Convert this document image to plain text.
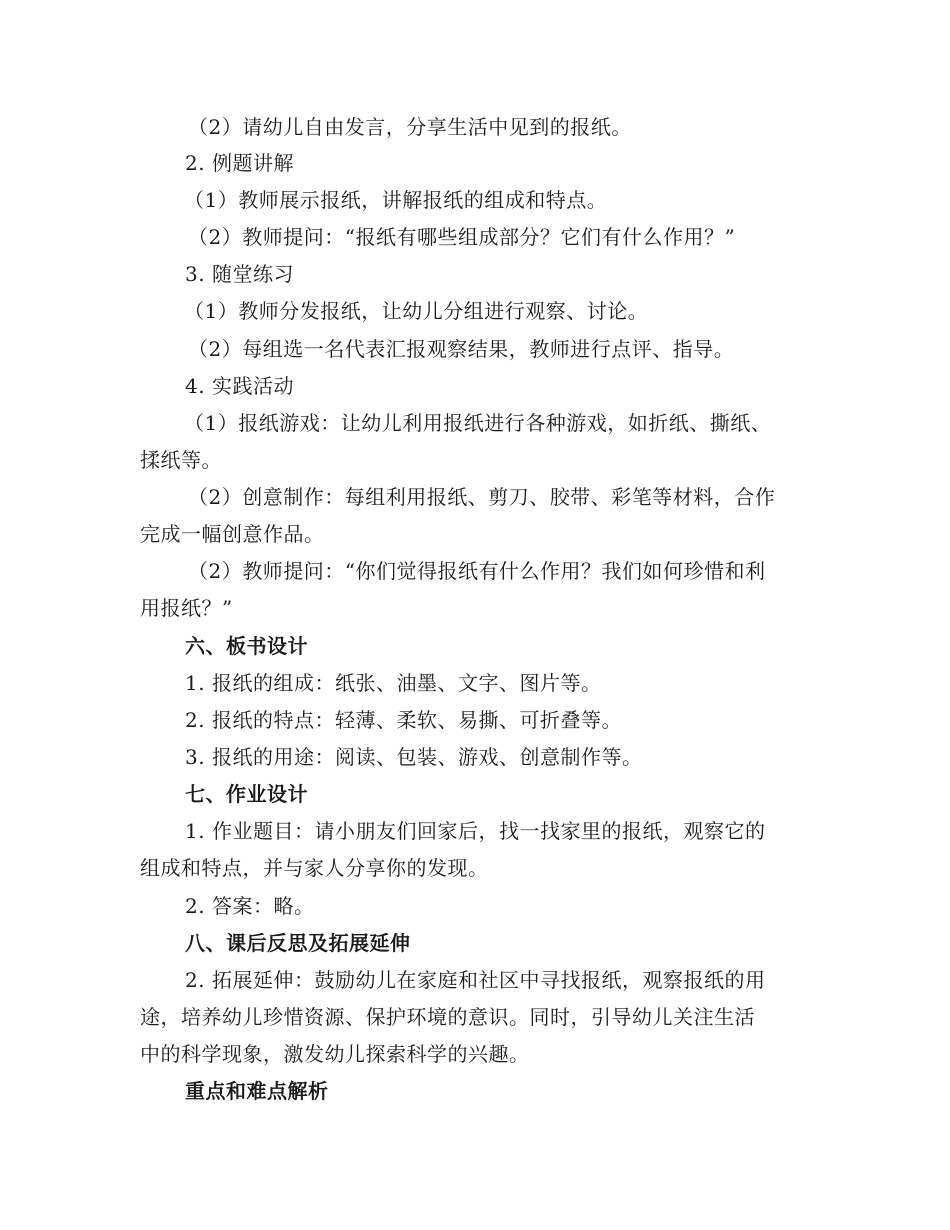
（2）请幼儿自由发言，分享生活中见到的报纸。
2. 例题讲解
（1）教师展示报纸，讲解报纸的组成和特点。
（2）教师提问：“报纸有哪些组成部分？它们有什么作用？”
3. 随堂练习
（1）教师分发报纸，让幼儿分组进行观察、讨论。
（2）每组选一名代表汇报观察结果，教师进行点评、指导。
4. 实践活动
（1）报纸游戏：让幼儿利用报纸进行各种游戏，如折纸、撕纸、
揉纸等。
（2）创意制作：每组利用报纸、剪刀、胶带、彩笔等材料，合作
完成一幅创意作品。
（2）教师提问：“你们觉得报纸有什么作用？我们如何珍惜和利
用报纸？”
六、板书设计
1. 报纸的组成：纸张、油墨、文字、图片等。
2. 报纸的特点：轻薄、柔软、易撕、可折叠等。
3. 报纸的用途：阅读、包装、游戏、创意制作等。
七、作业设计
1. 作业题目：请小朋友们回家后，找一找家里的报纸，观察它的
组成和特点，并与家人分享你的发现。
2. 答案：略。
八、课后反思及拓展延伸
2. 拓展延伸：鼓励幼儿在家庭和社区中寻找报纸，观察报纸的用
途，培养幼儿珍惜资源、保护环境的意识。同时，引导幼儿关注生活
中的科学现象，激发幼儿探索科学的兴趣。
重点和难点解析
